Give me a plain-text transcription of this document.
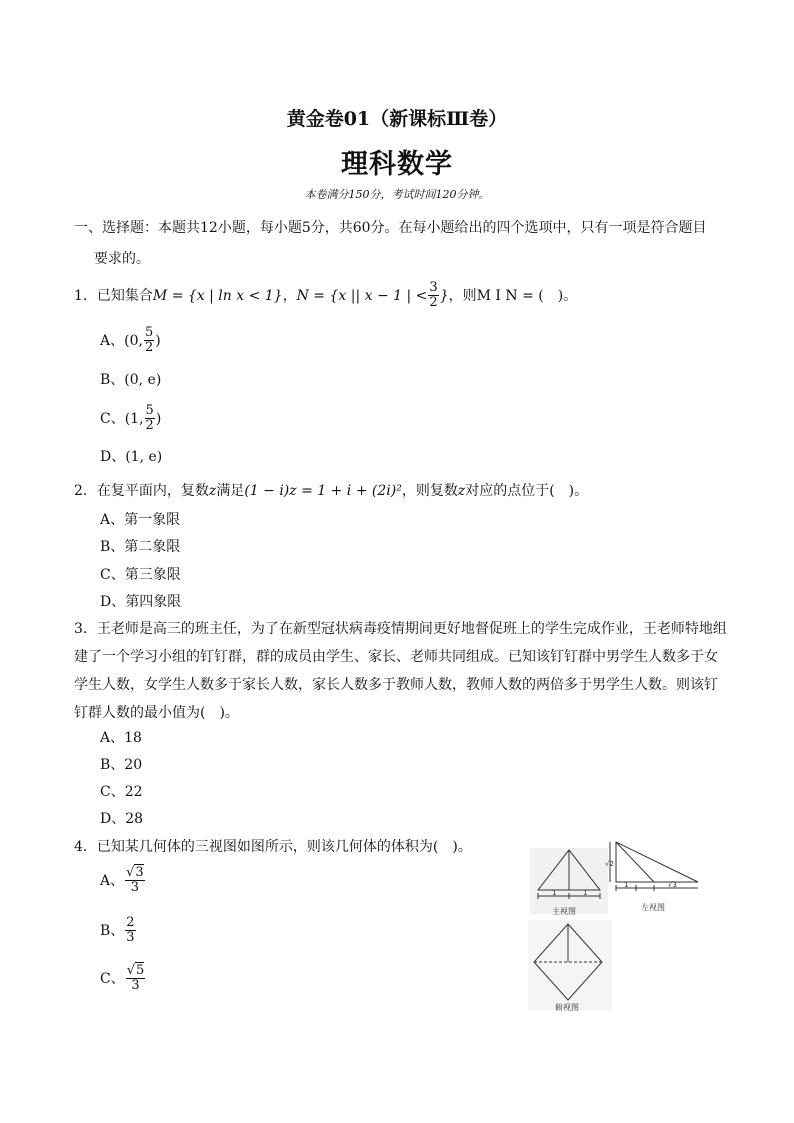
黄金卷01（新课标Ⅲ卷）
理科数学
本卷满分150分，考试时间120分钟。
一、选择题：本题共12小题，每小题5分，共60分。在每小题给出的四个选项中，只有一项是符合题目
要求的。
1．已知集合M = {x | ln x < 1}，N = {x || x − 1 | < $\frac{3}{2}$ }，则M I N = (　)。
A、(0, $\frac{5}{2}$ )
B、(0, e)
C、(1, $\frac{5}{2}$ )
D、(1, e)
2．在复平面内，复数z满足(1 − i)z = 1 + i + (2i)²，则复数z对应的点位于(　)。
A、第一象限
B、第二象限
C、第三象限
D、第四象限
3．王老师是高三的班主任，为了在新型冠状病毒疫情期间更好地督促班上的学生完成作业，王老师特地组
建了一个学习小组的钉钉群，群的成员由学生、家长、老师共同组成。已知该钉钉群中男学生人数多于女
学生人数，女学生人数多于家长人数，家长人数多于教师人数，教师人数的两倍多于男学生人数。则该钉
钉群人数的最小值为(　)。
A、18
B、20
C、22
D、28
4．已知某几何体的三视图如图所示，则该几何体的体积为(　)。
A、 $\frac{√3}{3}$
B、 $\frac{2}{3}$
C、 $\frac{√5}{3}$
1	1
主视图
√2
1	√3
左视图
俯视图
